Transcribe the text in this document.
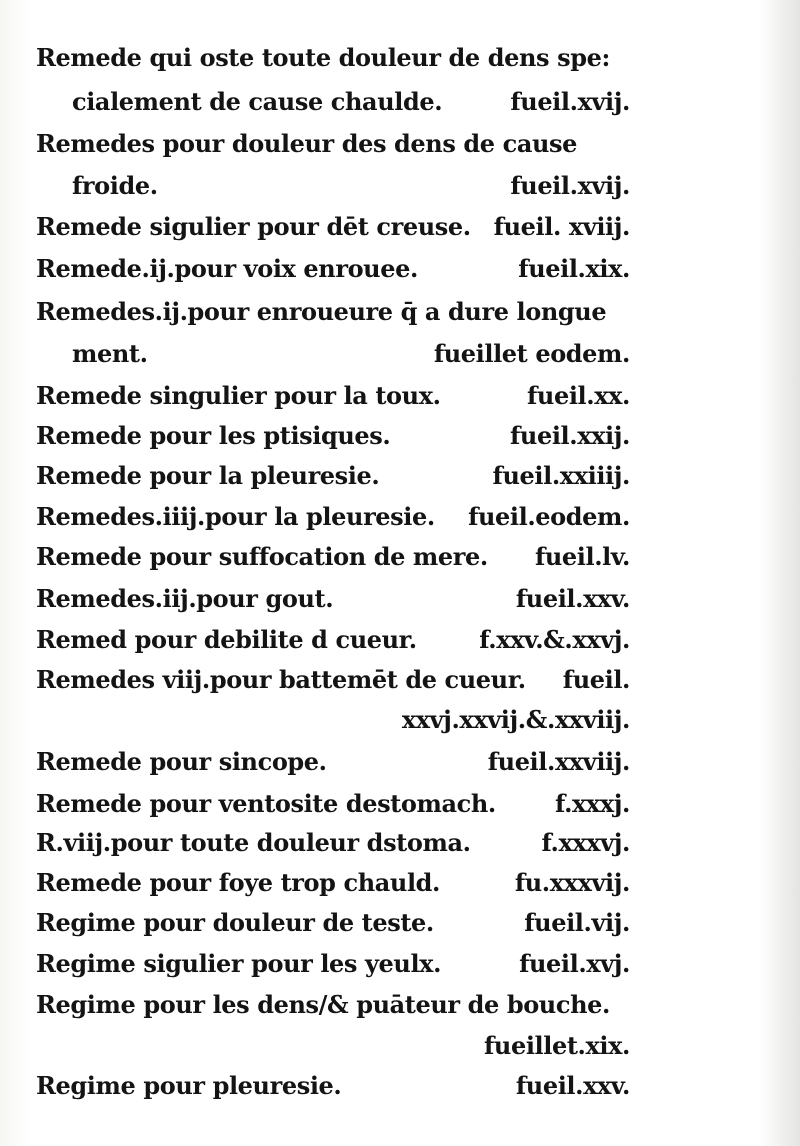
Remede qui oste toute douleur de dens spe:
cialement de cause chaulde.	fueil.xvij.
Remedes pour douleur des dens de cause
froide.	fueil.xvij.
Remede sigulier pour dēt creuse. fueil. xviij.
Remede.ij.pour voix enrouee.	fueil.xix.
Remedes.ij.pour enroueure q̄ a dure longue
ment.	fueillet eodem.
Remede singulier pour la toux.	fueil.xx.
Remede pour les ptisiques.	fueil.xxij.
Remede pour la pleuresie.	fueil.xxiiij.
Remedes.iiij.pour la pleuresie.	fueil.eodem.
Remede pour suffocation de mere.	fueil.lv.
Remedes.iij.pour gout.	fueil.xxv.
Remed pour debilite d cueur.	f.xxv.&.xxvj.
Remedes viij.pour battemēt de cueur.	fueil.
xxvj.xxvij.&.xxviij.
Remede pour sincope.	fueil.xxviij.
Remede pour ventosite destomach.	f.xxxj.
R.viij.pour toute douleur dstoma.	f.xxxvj.
Remede pour foye trop chauld.	fu.xxxvij.
Regime pour douleur de teste.	fueil.vij.
Regime sigulier pour les yeulx.	fueil.xvj.
Regime pour les dens/& puāteur de bouche.
fueillet.xix.
Regime pour pleuresie.	fueil.xxv.
